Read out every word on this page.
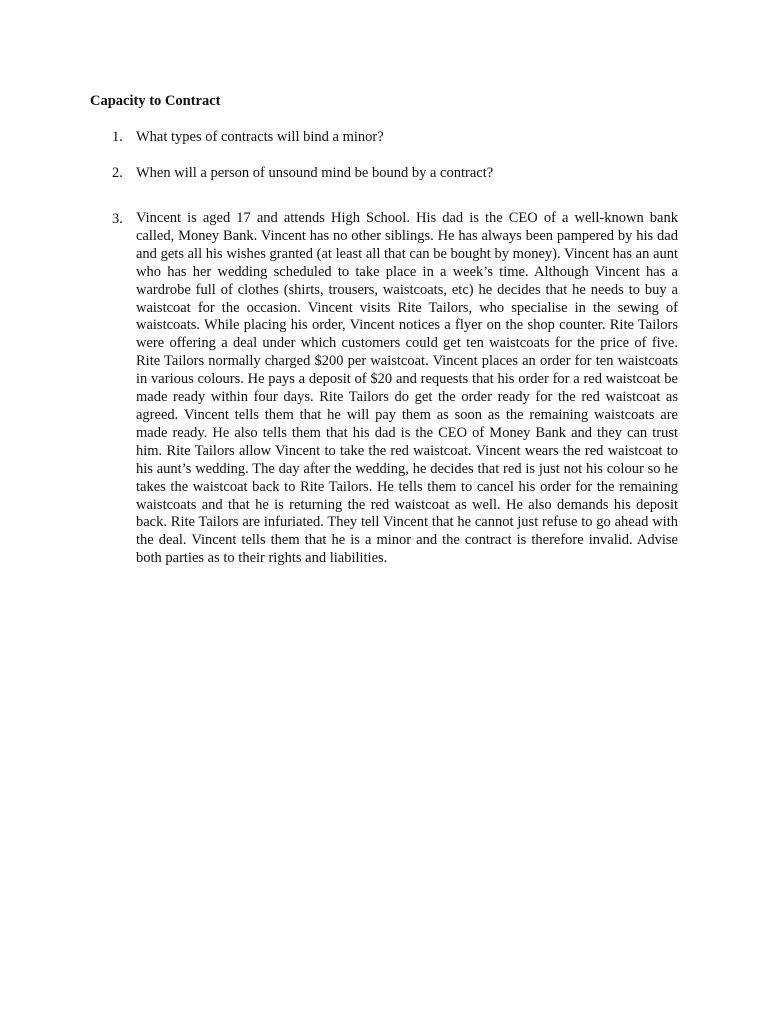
Capacity to Contract
1. What types of contracts will bind a minor?
2. When will a person of unsound mind be bound by a contract?
3. Vincent is aged 17 and attends High School. His dad is the CEO of a well-known bank called, Money Bank. Vincent has no other siblings. He has always been pampered by his dad and gets all his wishes granted (at least all that can be bought by money). Vincent has an aunt who has her wedding scheduled to take place in a week’s time. Although Vincent has a wardrobe full of clothes (shirts, trousers, waistcoats, etc) he decides that he needs to buy a waistcoat for the occasion. Vincent visits Rite Tailors, who specialise in the sewing of waistcoats. While placing his order, Vincent notices a flyer on the shop counter. Rite Tailors were offering a deal under which customers could get ten waistcoats for the price of five. Rite Tailors normally charged $200 per waistcoat. Vincent places an order for ten waistcoats in various colours. He pays a deposit of $20 and requests that his order for a red waistcoat be made ready within four days. Rite Tailors do get the order ready for the red waistcoat as agreed. Vincent tells them that he will pay them as soon as the remaining waistcoats are made ready. He also tells them that his dad is the CEO of Money Bank and they can trust him. Rite Tailors allow Vincent to take the red waistcoat. Vincent wears the red waistcoat to his aunt’s wedding. The day after the wedding, he decides that red is just not his colour so he takes the waistcoat back to Rite Tailors. He tells them to cancel his order for the remaining waistcoats and that he is returning the red waistcoat as well. He also demands his deposit back. Rite Tailors are infuriated. They tell Vincent that he cannot just refuse to go ahead with the deal. Vincent tells them that he is a minor and the contract is therefore invalid. Advise both parties as to their rights and liabilities.
